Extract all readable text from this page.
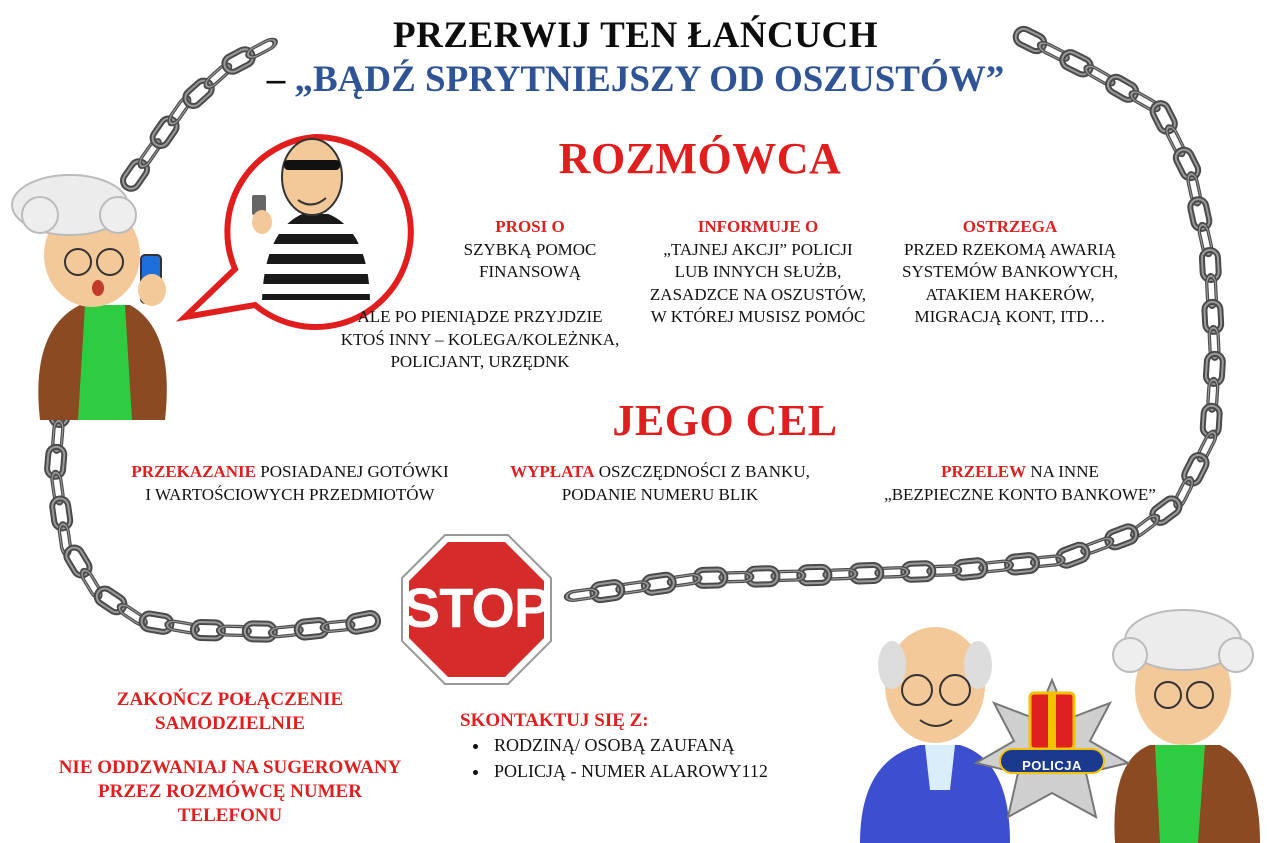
STOP
POLICJA
PRZERWIJ TEN ŁAŃCUCH
– „BĄDŹ SPRYTNIEJSZY OD OSZUSTÓW”
ROZMÓWCA
PROSI O
SZYBKĄ POMOC
FINANSOWĄ
ALE PO PIENIĄDZE PRZYJDZIE
KTOŚ INNY – KOLEGA/KOLEŻNKA,
POLICJANT, URZĘDNK
INFORMUJE O
„TAJNEJ AKCJI” POLICJI
LUB INNYCH SŁUŻB,
ZASADZCE NA OSZUSTÓW,
W KTÓREJ MUSISZ POMÓC
OSTRZEGA
PRZED RZEKOMĄ AWARIĄ
SYSTEMÓW BANKOWYCH,
ATAKIEM HAKERÓW,
MIGRACJĄ KONT, ITD…
JEGO CEL
PRZEKAZANIE POSIADANEJ GOTÓWKI
I WARTOŚCIOWYCH PRZEDMIOTÓW
WYPŁATA OSZCZĘDNOŚCI Z BANKU,
PODANIE NUMERU BLIK
PRZELEW NA INNE
„BEZPIECZNE KONTO BANKOWE”
ZAKOŃCZ POŁĄCZENIE
SAMODZIELNIE
NIE ODDZWANIAJ NA SUGEROWANY
PRZEZ ROZMÓWCĘ NUMER
TELEFONU
SKONTAKTUJ SIĘ Z:
• RODZINĄ/ OSOBĄ ZAUFANĄ
• POLICJĄ - NUMER ALAROWY112
